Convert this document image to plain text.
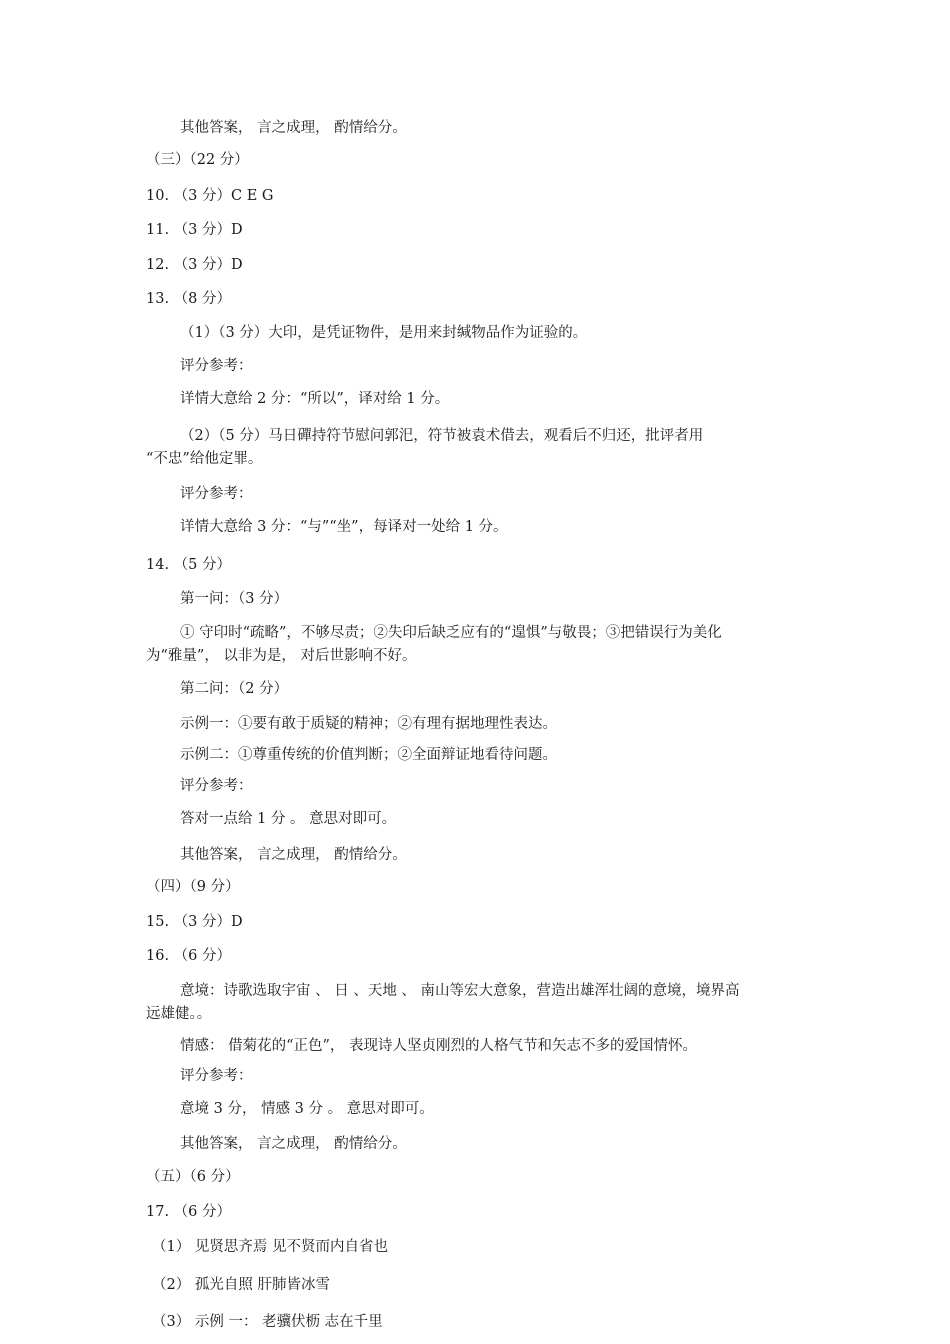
其他答案， 言之成理， 酌情给分。
（三）（22 分）
10. （3 分）C E G
11. （3 分）D
12. （3 分）D
13. （8 分）
（1）（3 分）大印，是凭证物件，是用来封缄物品作为证验的。
评分参考：
详情大意给 2 分：“所以”，译对给 1 分。
（2）（5 分）马日磾持符节慰问郭汜，符节被袁术借去，观看后不归还，批评者用
“不忠”给他定罪。
评分参考：
详情大意给 3 分：“与”“坐”，每译对一处给 1 分。
14. （5 分）
第一问：（3 分）
① 守印时“疏略”，不够尽责；②失印后缺乏应有的“遑惧”与敬畏；③把错误行为美化
为“雅量”， 以非为是， 对后世影响不好。
第二问：（2 分）
示例一：①要有敢于质疑的精神；②有理有据地理性表达。
示例二：①尊重传统的价值判断；②全面辩证地看待问题。
评分参考：
答对一点给 1 分 。 意思对即可。
其他答案， 言之成理， 酌情给分。
（四）（9 分）
15. （3 分）D
16. （6 分）
意境：诗歌选取宇宙 、 日 、天地 、 南山等宏大意象，营造出雄浑壮阔的意境，境界高
远雄健。。
情感： 借菊花的“正色”， 表现诗人坚贞刚烈的人格气节和矢志不多的爱国情怀。
评分参考：
意境 3 分， 情感 3 分 。 意思对即可。
其他答案， 言之成理， 酌情给分。
（五）（6 分）
17. （6 分）
（1） 见贤思齐焉 见不贤而内自省也
（2） 孤光自照 肝肺皆冰雪
（3） 示例 一： 老骥伏枥 志在千里
